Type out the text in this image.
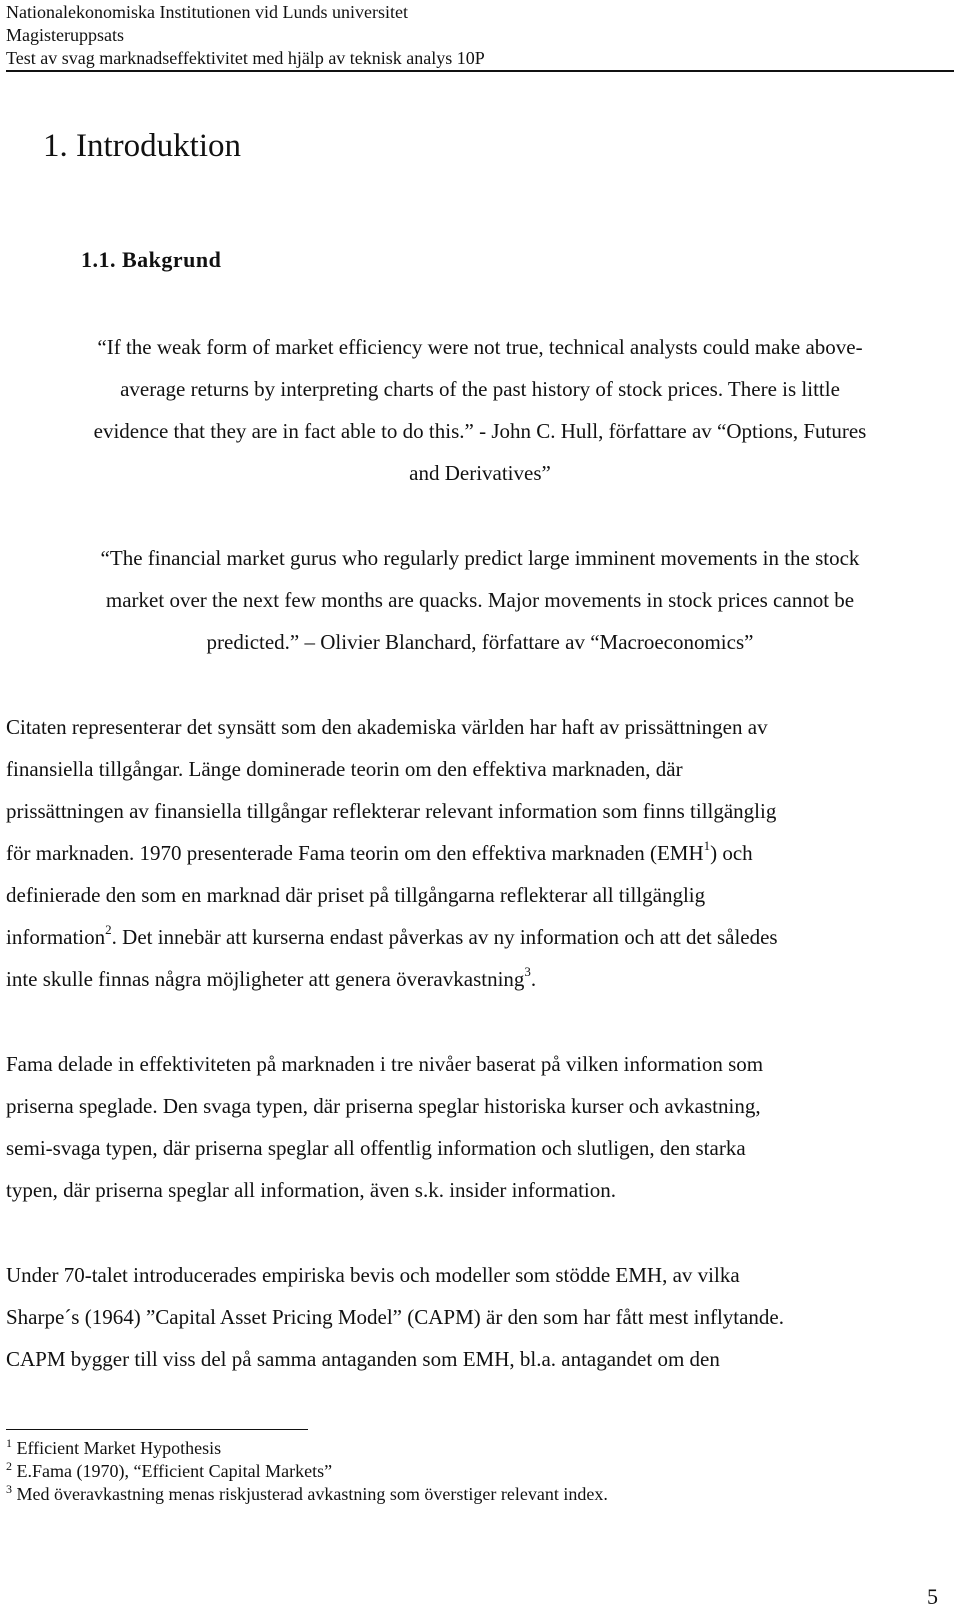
Nationalekonomiska Institutionen vid Lunds universitet
Magisteruppsats
Test av svag marknadseffektivitet med hjälp av teknisk analys 10P
1. Introduktion
1.1. Bakgrund
“If the weak form of market efficiency were not true, technical analysts could make above-
average returns by interpreting charts of the past history of stock prices. There is little
evidence that they are in fact able to do this.” - John C. Hull, författare av “Options, Futures
and Derivatives”
“The financial market gurus who regularly predict large imminent movements in the stock
market over the next few months are quacks. Major movements in stock prices cannot be
predicted.” – Olivier Blanchard, författare av “Macroeconomics”
Citaten representerar det synsätt som den akademiska världen har haft av prissättningen av
finansiella tillgångar. Länge dominerade teorin om den effektiva marknaden, där
prissättningen av finansiella tillgångar reflekterar relevant information som finns tillgänglig
för marknaden. 1970 presenterade Fama teorin om den effektiva marknaden (EMH$^1$) och
definierade den som en marknad där priset på tillgångarna reflekterar all tillgänglig
information$^2$. Det innebär att kurserna endast påverkas av ny information och att det således
inte skulle finnas några möjligheter att genera överavkastning$^3$.
Fama delade in effektiviteten på marknaden i tre nivåer baserat på vilken information som
priserna speglade. Den svaga typen, där priserna speglar historiska kurser och avkastning,
semi-svaga typen, där priserna speglar all offentlig information och slutligen, den starka
typen, där priserna speglar all information, även s.k. insider information.
Under 70-talet introducerades empiriska bevis och modeller som stödde EMH, av vilka
Sharpe´s (1964) ”Capital Asset Pricing Model” (CAPM) är den som har fått mest inflytande.
CAPM bygger till viss del på samma antaganden som EMH, bl.a. antagandet om den
$^1$ Efficient Market Hypothesis
$^2$ E.Fama (1970), “Efficient Capital Markets”
$^3$ Med överavkastning menas riskjusterad avkastning som överstiger relevant index.
5
